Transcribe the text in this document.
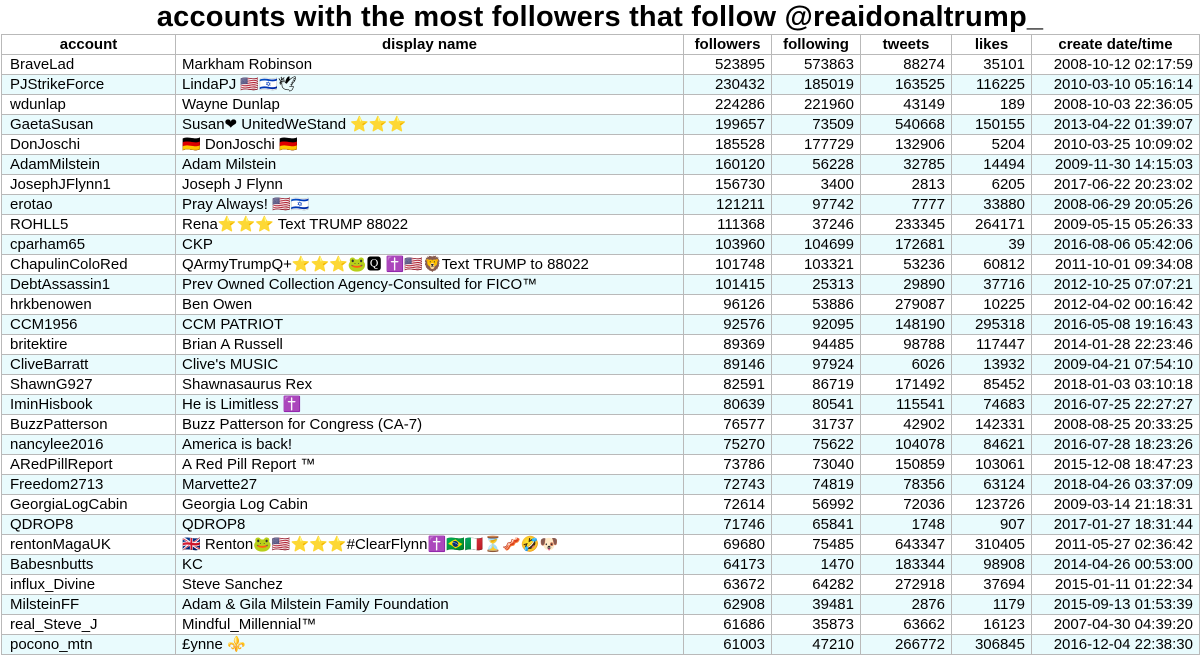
accounts with the most followers that follow @reaidonaltrump_
account	display name	followers	following	tweets	likes	create date/time
BraveLad	Markham Robinson	523895	573863	88274	35101	2008-10-12 02:17:59
PJStrikeForce	LindaPJ 🇺🇸🇮🇱🕊	230432	185019	163525	116225	2010-03-10 05:16:14
wdunlap	Wayne Dunlap	224286	221960	43149	189	2008-10-03 22:36:05
GaetaSusan	Susan❤ UnitedWeStand ⭐⭐⭐	199657	73509	540668	150155	2013-04-22 01:39:07
DonJoschi	🇩🇪 DonJoschi 🇩🇪	185528	177729	132906	5204	2010-03-25 10:09:02
AdamMilstein	Adam Milstein	160120	56228	32785	14494	2009-11-30 14:15:03
JosephJFlynn1	Joseph J Flynn	156730	3400	2813	6205	2017-06-22 20:23:02
erotao	Pray Always! 🇺🇸🇮🇱	121211	97742	7777	33880	2008-06-29 20:05:26
ROHLL5	Rena⭐⭐⭐ Text TRUMP 88022	111368	37246	233345	264171	2009-05-15 05:26:33
cparham65	CKP	103960	104699	172681	39	2016-08-06 05:42:06
ChapulinColoRed	QArmyTrumpQ+⭐⭐⭐🐸🆀 ✝️🇺🇸🦁Text TRUMP to 88022	101748	103321	53236	60812	2011-10-01 09:34:08
DebtAssassin1	Prev Owned Collection Agency-Consulted for FICO™	101415	25313	29890	37716	2012-10-25 07:07:21
hrkbenowen	Ben Owen	96126	53886	279087	10225	2012-04-02 00:16:42
CCM1956	CCM PATRIOT	92576	92095	148190	295318	2016-05-08 19:16:43
britektire	Brian A Russell	89369	94485	98788	117447	2014-01-28 22:23:46
CliveBarratt	Clive's MUSIC	89146	97924	6026	13932	2009-04-21 07:54:10
ShawnG927	Shawnasaurus Rex	82591	86719	171492	85452	2018-01-03 03:10:18
IminHisbook	He is Limitless ✝️	80639	80541	115541	74683	2016-07-25 22:27:27
BuzzPatterson	Buzz Patterson for Congress (CA-7)	76577	31737	42902	142331	2008-08-25 20:33:25
nancylee2016	America is back!	75270	75622	104078	84621	2016-07-28 18:23:26
ARedPillReport	A Red Pill Report ™	73786	73040	150859	103061	2015-12-08 18:47:23
Freedom2713	Marvette27	72743	74819	78356	63124	2018-04-26 03:37:09
GeorgiaLogCabin	Georgia Log Cabin	72614	56992	72036	123726	2009-03-14 21:18:31
QDROP8	QDROP8	71746	65841	1748	907	2017-01-27 18:31:44
rentonMagaUK	🇬🇧 Renton🐸🇺🇸⭐⭐⭐#ClearFlynn✝️🇧🇷🇮🇹⏳🥓🤣🐶	69680	75485	643347	310405	2011-05-27 02:36:42
Babesnbutts	KC	64173	1470	183344	98908	2014-04-26 00:53:00
influx_Divine	Steve Sanchez	63672	64282	272918	37694	2015-01-11 01:22:34
MilsteinFF	Adam & Gila Milstein Family Foundation	62908	39481	2876	1179	2015-09-13 01:53:39
real_Steve_J	Mindful_Millennial™	61686	35873	63662	16123	2007-04-30 04:39:20
pocono_mtn	£ynne ⚜️	61003	47210	266772	306845	2016-12-04 22:38:30
